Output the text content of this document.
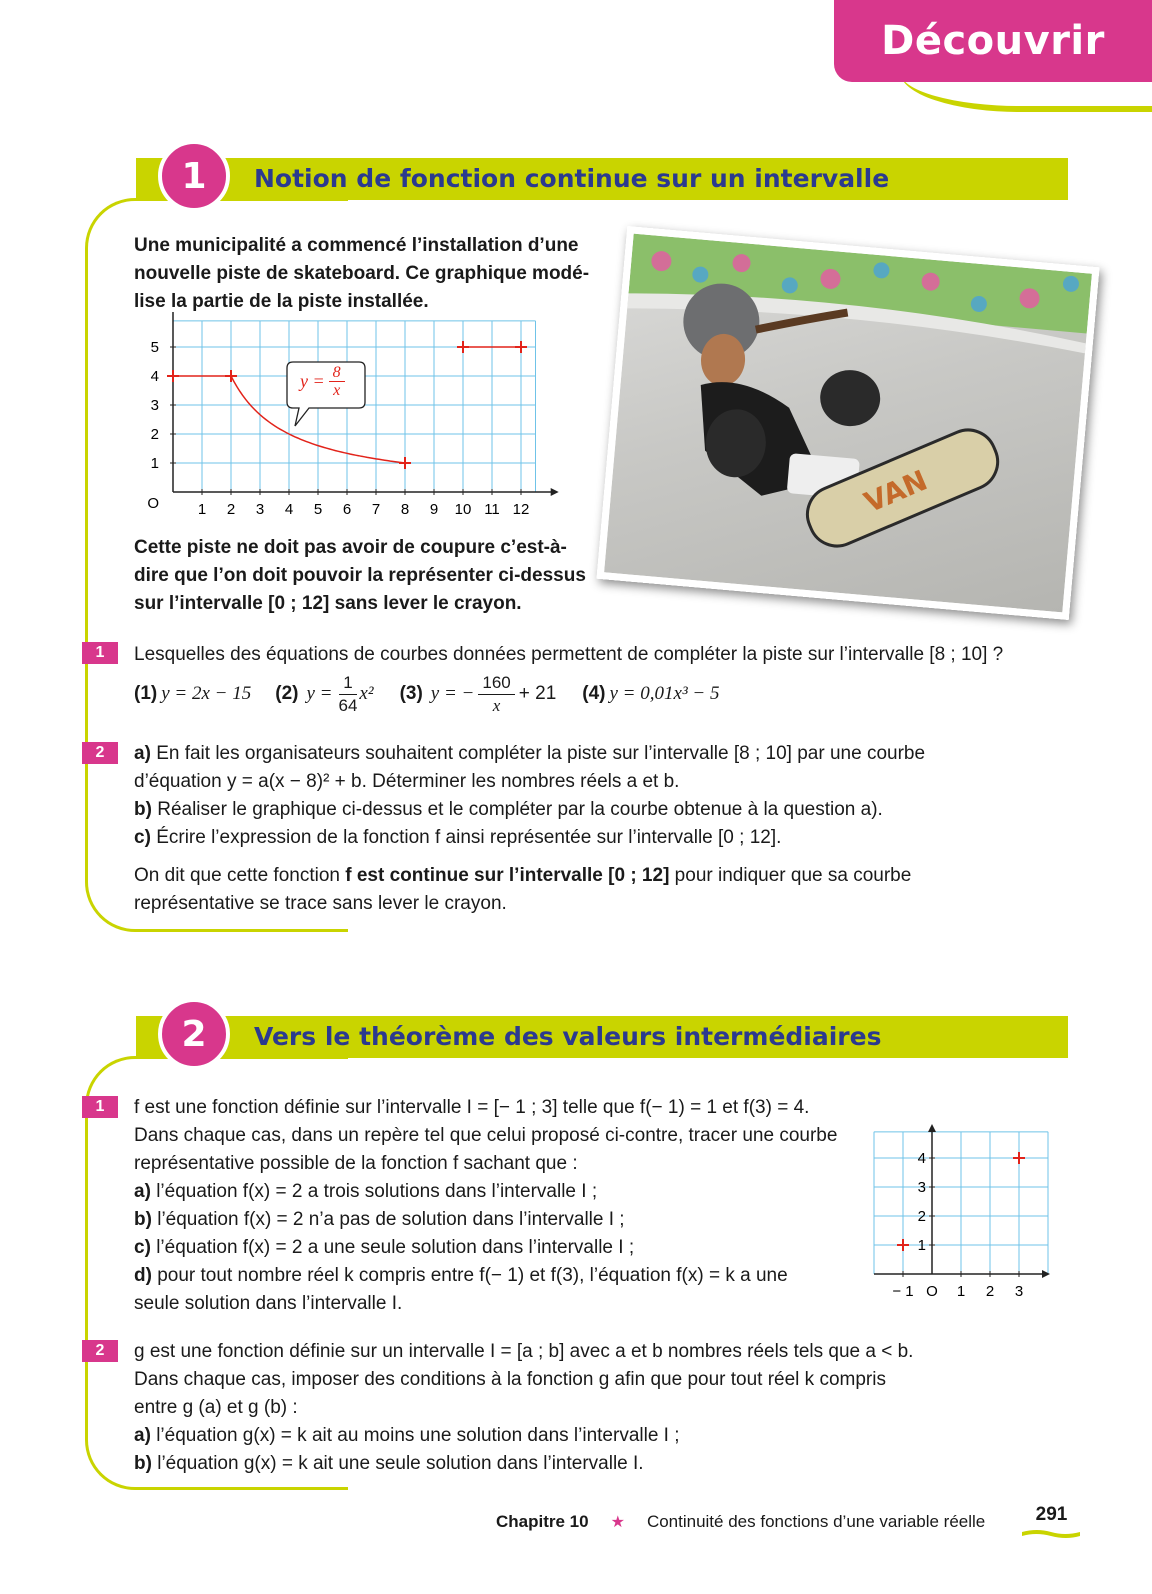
Découvrir
1	Notion de fonction continue sur un intervalle
Une municipalité a commencé l’installation d’une
nouvelle piste de skateboard. Ce graphique modé-
lise la partie de la piste installée.
1 2 3 4 5 6 7 8 9 10 11 12
1
2
3
4
5
O
$y = \frac{8}{x}$
Cette piste ne doit pas avoir de coupure c’est-à-
dire que l’on doit pouvoir la représenter ci-dessus
sur l’intervalle [0 ; 12] sans lever le crayon.
VAN
1	Lesquelles des équations de courbes données permettent de compléter la piste sur l’intervalle [8 ; 10] ?
(1) y = 2x − 15 (2) $y = \frac{1}{64} x^2$ (3) y = − $\frac{160}{x} + 21$ (4) y = 0,01x³ − 5
2	a) En fait les organisateurs souhaitent compléter la piste sur l’intervalle [8 ; 10] par une courbe
d’équation y = a(x − 8)² + b. Déterminer les nombres réels a et b.
b) Réaliser le graphique ci-dessus et le compléter par la courbe obtenue à la question a).
c) Écrire l’expression de la fonction f ainsi représentée sur l’intervalle [0 ; 12].
On dit que cette fonction f est continue sur l’intervalle [0 ; 12] pour indiquer que sa courbe
représentative se trace sans lever le crayon.
2	Vers le théorème des valeurs intermédiaires
1	f est une fonction définie sur l’intervalle I = [− 1 ; 3] telle que f(− 1) = 1 et f(3) = 4.
Dans chaque cas, dans un repère tel que celui proposé ci-contre, tracer une courbe
représentative possible de la fonction f sachant que :
a) l’équation f(x) = 2 a trois solutions dans l’intervalle I ;
b) l’équation f(x) = 2 n’a pas de solution dans l’intervalle I ;
c) l’équation f(x) = 2 a une seule solution dans l’intervalle I ;
d) pour tout nombre réel k compris entre f(− 1) et f(3), l’équation f(x) = k a une
seule solution dans l’intervalle I.
− 1	1 2 3
1
2
3
4
O
2	g est une fonction définie sur un intervalle I = [a ; b] avec a et b nombres réels tels que a < b.
Dans chaque cas, imposer des conditions à la fonction g afin que pour tout réel k compris
entre g (a) et g (b) :
a) l’équation g(x) = k ait au moins une solution dans l’intervalle I ;
b) l’équation g(x) = k ait une seule solution dans l’intervalle I.
Chapitre 10 ★ Continuité des fonctions d’une variable réelle	291
